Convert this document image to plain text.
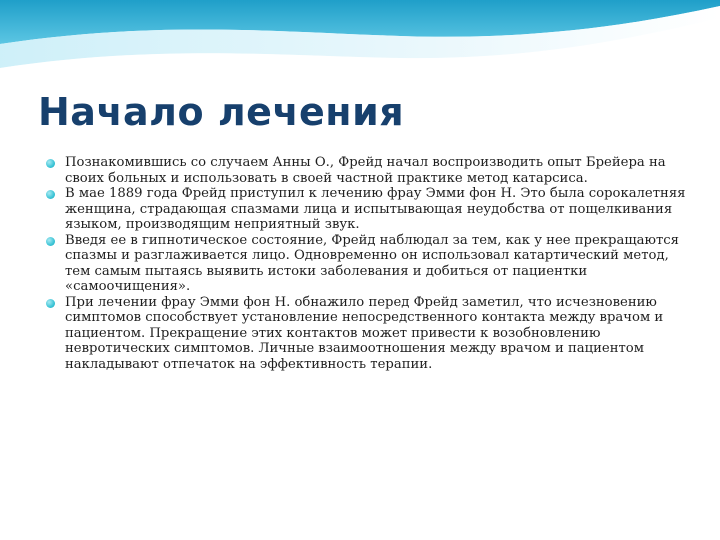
Начало лечения
Познакомившись со случаем Анны О., Фрейд начал воспроизводить опыт Брейера на своих больных и использовать в своей частной практике метод катарсиса.
В мае 1889 года Фрейд приступил к лечению фрау Эмми фон Н. Это была сорокалетняя женщина, страдающая спазмами лица и испытывающая неудобства от пощелкивания языком, производящим неприятный звук.
Введя ее в гипнотическое состояние, Фрейд наблюдал за тем, как у нее прекращаются спазмы и разглаживается лицо. Одновременно он использовал катартический метод, тем самым пытаясь выявить истоки заболевания и добиться от пациентки «самоочищения».
При лечении фрау Эмми фон Н. обнажило перед Фрейд заметил, что исчезновению симптомов способствует установление непосредственного контакта между врачом и пациентом. Прекращение этих контактов может привести к возобновлению невротических симптомов. Личные взаимоотношения между врачом и пациентом накладывают отпечаток на эффективность терапии.
